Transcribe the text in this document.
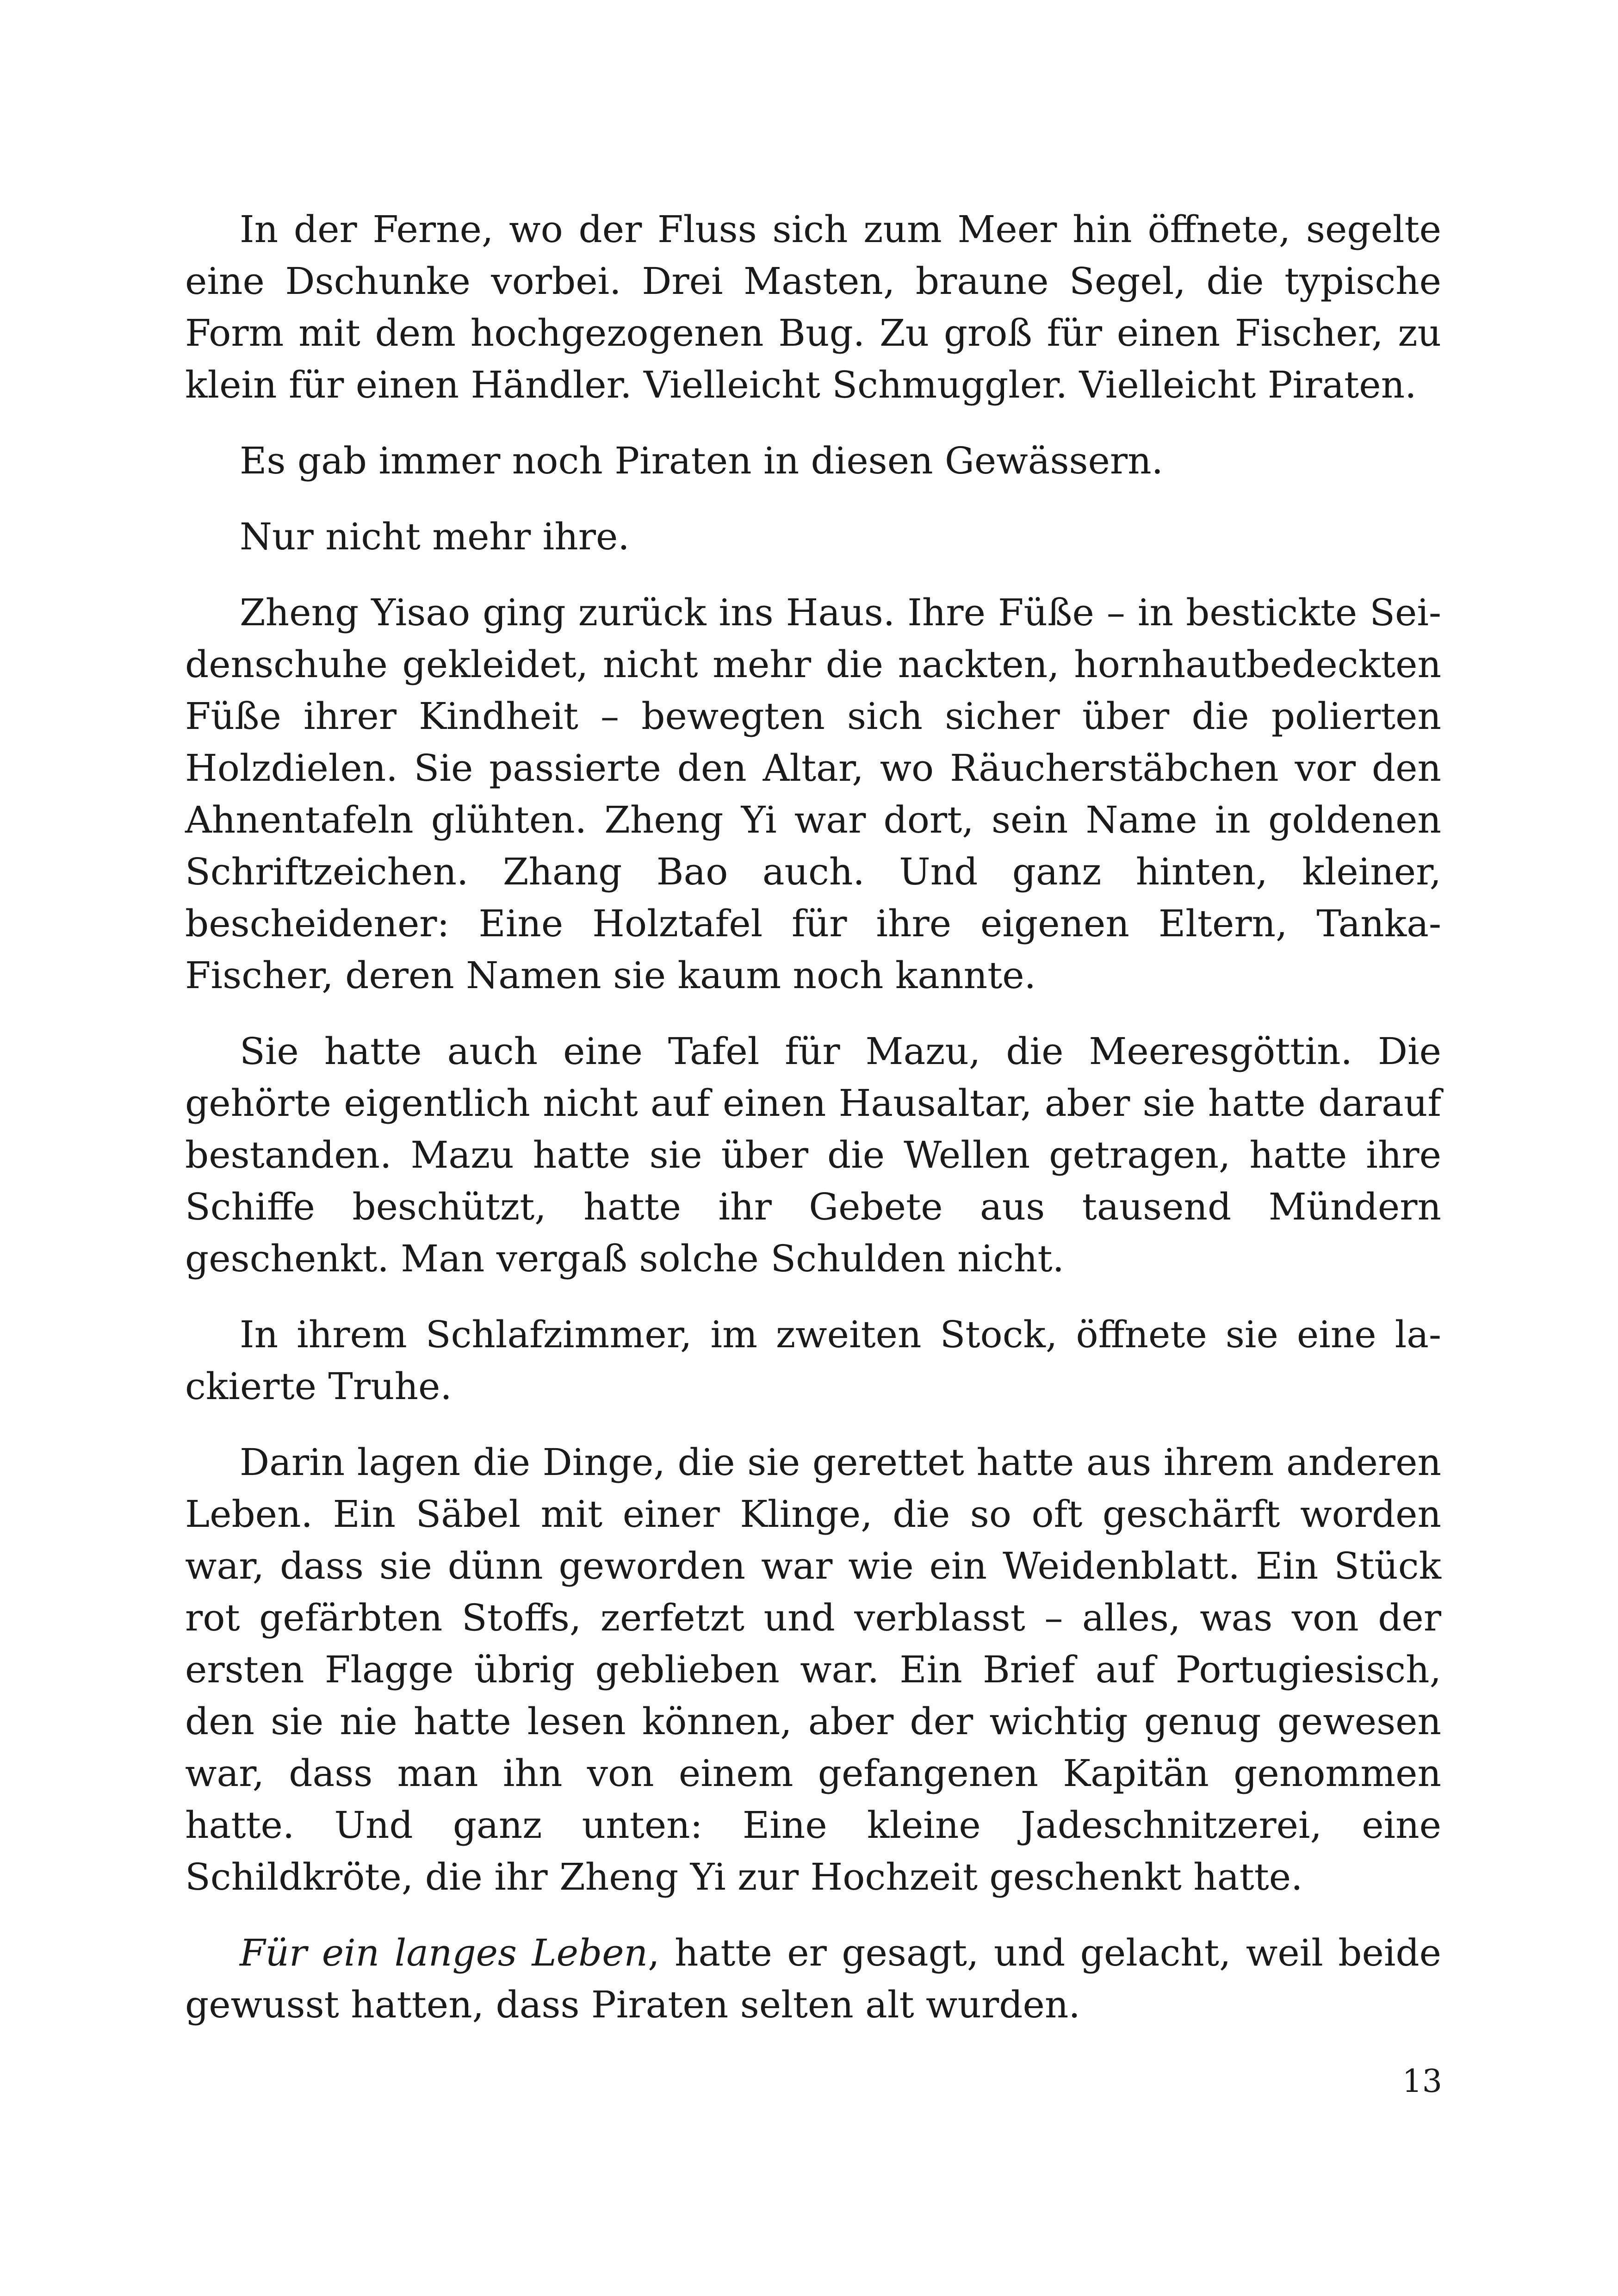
In der Ferne, wo der Fluss sich zum Meer hin öffnete, segelte eine Dschunke vorbei. Drei Masten, braune Segel, die typische Form mit dem hochgezogenen Bug. Zu groß für einen Fischer, zu klein für einen Händler. Vielleicht Schmuggler. Vielleicht Piraten.

Es gab immer noch Piraten in diesen Gewässern.

Nur nicht mehr ihre.

Zheng Yisao ging zurück ins Haus. Ihre Füße – in bestickte Seidenschuhe gekleidet, nicht mehr die nackten, hornhautbedeckten Füße ihrer Kindheit – bewegten sich sicher über die polierten Holzdielen. Sie passierte den Altar, wo Räucherstäbchen vor den Ahnentafeln glühten. Zheng Yi war dort, sein Name in goldenen Schriftzeichen. Zhang Bao auch. Und ganz hinten, kleiner, bescheidener: Eine Holztafel für ihre eigenen Eltern, Tanka-Fischer, deren Namen sie kaum noch kannte.

Sie hatte auch eine Tafel für Mazu, die Meeresgöttin. Die gehörte eigentlich nicht auf einen Hausaltar, aber sie hatte darauf bestanden. Mazu hatte sie über die Wellen getragen, hatte ihre Schiffe beschützt, hatte ihr Gebete aus tausend Mündern geschenkt. Man vergaß solche Schulden nicht.

In ihrem Schlafzimmer, im zweiten Stock, öffnete sie eine lackierte Truhe.

Darin lagen die Dinge, die sie gerettet hatte aus ihrem anderen Leben. Ein Säbel mit einer Klinge, die so oft geschärft worden war, dass sie dünn geworden war wie ein Weidenblatt. Ein Stück rot gefärbten Stoffs, zerfetzt und verblasst – alles, was von der ersten Flagge übrig geblieben war. Ein Brief auf Portugiesisch, den sie nie hatte lesen können, aber der wichtig genug gewesen war, dass man ihn von einem gefangenen Kapitän genommen hatte. Und ganz unten: Eine kleine Jadeschnitzerei, eine Schildkröte, die ihr Zheng Yi zur Hochzeit geschenkt hatte.

Für ein langes Leben, hatte er gesagt, und gelacht, weil beide gewusst hatten, dass Piraten selten alt wurden.

13
